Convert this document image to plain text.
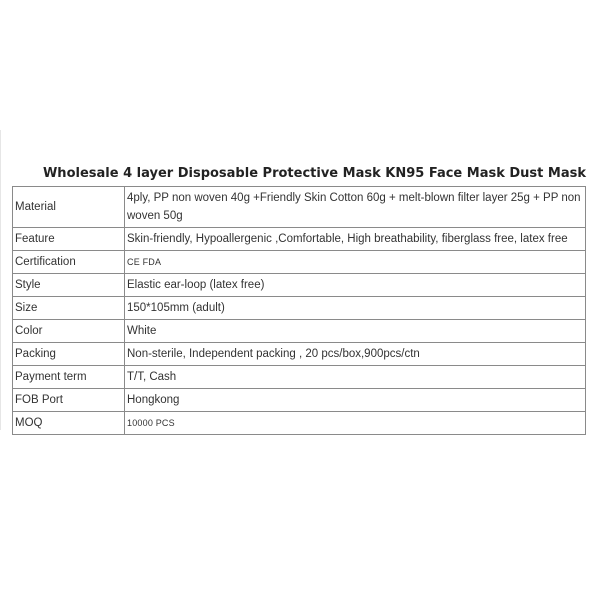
Wholesale 4 layer Disposable Protective Mask KN95 Face Mask Dust Mask
Material	4ply, PP non woven 40g +Friendly Skin Cotton 60g + melt-blown filter layer 25g + PP non woven 50g
Feature	Skin-friendly, Hypoallergenic ,Comfortable, High breathability, fiberglass free, latex free
Certification	CE FDA
Style	Elastic ear-loop (latex free)
Size	150*105mm (adult)
Color	White
Packing	Non-sterile, Independent packing , 20 pcs/box,900pcs/ctn
Payment term	T/T, Cash
FOB Port	Hongkong
MOQ	10000 PCS
